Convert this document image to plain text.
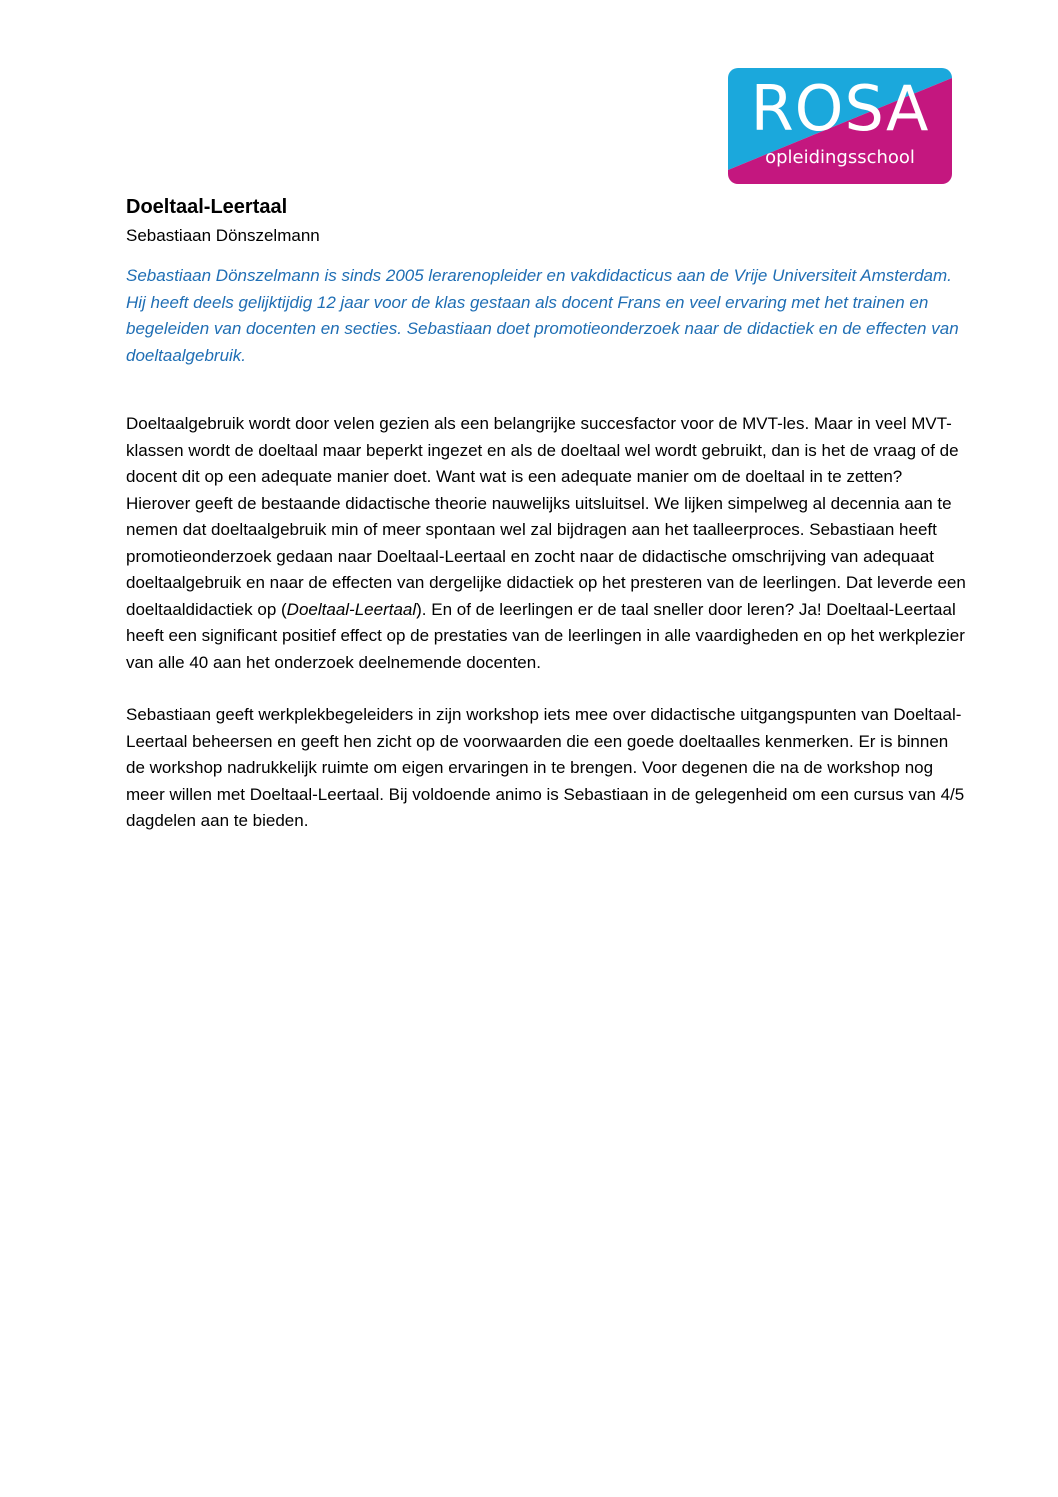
ROSA
opleidingsschool
Doeltaal-Leertaal

Sebastiaan Dönszelmann

Sebastiaan Dönszelmann is sinds 2005 lerarenopleider en vakdidacticus aan de Vrije Universiteit Amsterdam. Hij heeft deels gelijktijdig 12 jaar voor de klas gestaan als docent Frans en veel ervaring met het trainen en begeleiden van docenten en secties. Sebastiaan doet promotieonderzoek naar de didactiek en de effecten van doeltaalgebruik.

Doeltaalgebruik wordt door velen gezien als een belangrijke succesfactor voor de MVT-les. Maar in veel MVT-klassen wordt de doeltaal maar beperkt ingezet en als de doeltaal wel wordt gebruikt, dan is het de vraag of de docent dit op een adequate manier doet. Want wat is een adequate manier om de doeltaal in te zetten? Hierover geeft de bestaande didactische theorie nauwelijks uitsluitsel. We lijken simpelweg al decennia aan te nemen dat doeltaalgebruik min of meer spontaan wel zal bijdragen aan het taalleerproces. Sebastiaan heeft promotieonderzoek gedaan naar Doeltaal-Leertaal en zocht naar de didactische omschrijving van adequaat doeltaalgebruik en naar de effecten van dergelijke didactiek op het presteren van de leerlingen. Dat leverde een doeltaaldidactiek op (Doeltaal-Leertaal). En of de leerlingen er de taal sneller door leren? Ja! Doeltaal-Leertaal heeft een significant positief effect op de prestaties van de leerlingen in alle vaardigheden en op het werkplezier van alle 40 aan het onderzoek deelnemende docenten.

Sebastiaan geeft werkplekbegeleiders in zijn workshop iets mee over didactische uitgangspunten van Doeltaal-Leertaal beheersen en geeft hen zicht op de voorwaarden die een goede doeltaalles kenmerken. Er is binnen de workshop nadrukkelijk ruimte om eigen ervaringen in te brengen. Voor degenen die na de workshop nog meer willen met Doeltaal-Leertaal. Bij voldoende animo is Sebastiaan in de gelegenheid om een cursus van 4/5 dagdelen aan te bieden.
